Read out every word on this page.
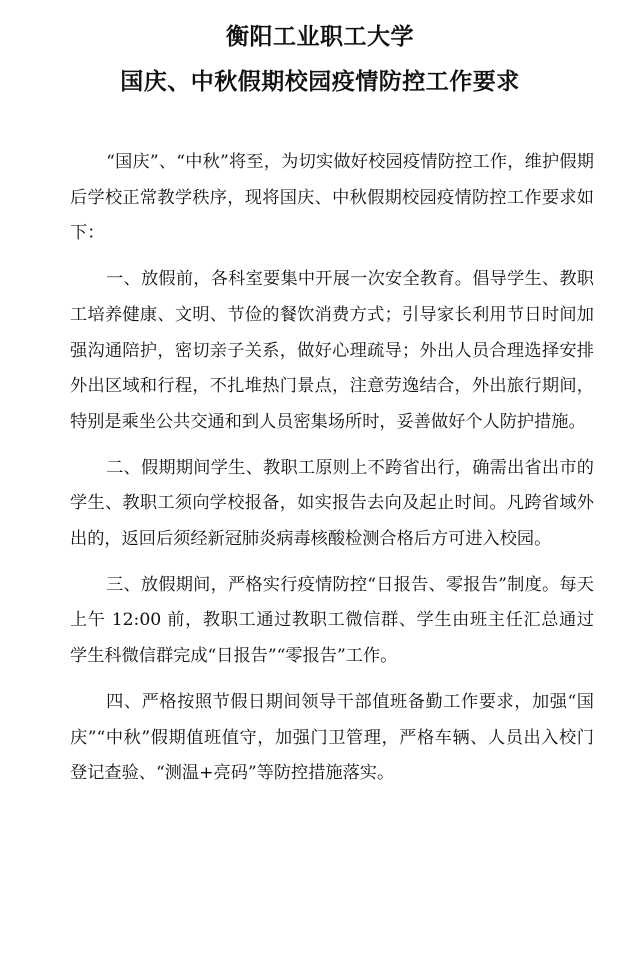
衡阳工业职工大学
国庆、中秋假期校园疫情防控工作要求

“国庆”、“中秋”将至，为切实做好校园疫情防控工作，维护假期后学校正常教学秩序，现将国庆、中秋假期校园疫情防控工作要求如下：

一、放假前，各科室要集中开展一次安全教育。倡导学生、教职工培养健康、文明、节俭的餐饮消费方式；引导家长利用节日时间加强沟通陪护，密切亲子关系，做好心理疏导；外出人员合理选择安排外出区域和行程，不扎堆热门景点，注意劳逸结合，外出旅行期间，特别是乘坐公共交通和到人员密集场所时，妥善做好个人防护措施。

二、假期期间学生、教职工原则上不跨省出行，确需出省出市的学生、教职工须向学校报备，如实报告去向及起止时间。凡跨省域外出的，返回后须经新冠肺炎病毒核酸检测合格后方可进入校园。

三、放假期间，严格实行疫情防控“日报告、零报告”制度。每天上午 12:00 前，教职工通过教职工微信群、学生由班主任汇总通过学生科微信群完成“日报告”“零报告”工作。

四、严格按照节假日期间领导干部值班备勤工作要求，加强“国庆”“中秋”假期值班值守，加强门卫管理，严格车辆、人员出入校门登记查验、“测温+亮码”等防控措施落实。
